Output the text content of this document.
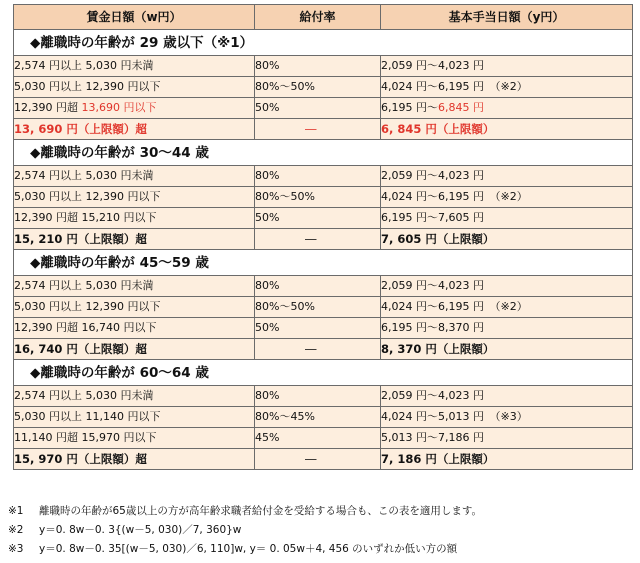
賃金日額（w円）	給付率	基本手当日額（y円）
◆離職時の年齢が 29 歳以下（※1）		
2,574 円以上 5,030 円未満	80%	2,059 円～4,023 円
5,030 円以上 12,390 円以下	80%～50%	4,024 円～6,195 円　（※2）
12,390 円超 13,690 円以下	50%	6,195 円～6,845 円
13, 690 円（上限額）超	―	6, 845 円（上限額）
◆離職時の年齢が 30～44 歳		
2,574 円以上 5,030 円未満	80%	2,059 円～4,023 円
5,030 円以上 12,390 円以下	80%～50%	4,024 円～6,195 円　（※2）
12,390 円超 15,210 円以下	50%	6,195 円～7,605 円
15, 210 円（上限額）超	―	7, 605 円（上限額）
◆離職時の年齢が 45～59 歳		
2,574 円以上 5,030 円未満	80%	2,059 円～4,023 円
5,030 円以上 12,390 円以下	80%～50%	4,024 円～6,195 円　（※2）
12,390 円超 16,740 円以下	50%	6,195 円～8,370 円
16, 740 円（上限額）超	―	8, 370 円（上限額）
◆離職時の年齢が 60～64 歳		
2,574 円以上 5,030 円未満	80%	2,059 円～4,023 円
5,030 円以上 11,140 円以下	80%～45%	4,024 円～5,013 円　（※3）
11,140 円超 15,970 円以下	45%	5,013 円～7,186 円
15, 970 円（上限額）超	―	7, 186 円（上限額）
※1 離職時の年齢が65歳以上の方が高年齢求職者給付金を受給する場合も、この表を適用します。
※2 y＝0. 8w－0. 3{(w－5, 030)／7, 360}w
※3 y＝0. 8w－0. 35[(w－5, 030)／6, 110]w, y＝ 0. 05w＋4, 456 のいずれか低い方の額
